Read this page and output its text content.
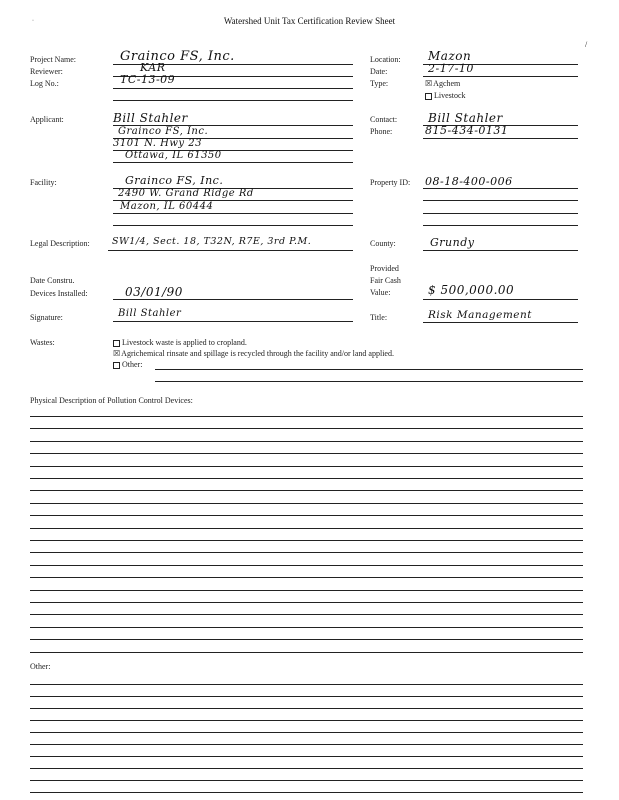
Watershed Unit Tax Certification Review Sheet
Project Name:
Reviewer:
Log No.:
Applicant:
Facility:
Legal Description:
Date Constru.
Devices Installed:
Signature:
Wastes:
Grainco FS, Inc.
KAR
TC-13-09
Bill Stahler
Grainco FS, Inc.
3101 N. Hwy 23
Ottawa, IL 61350
Grainco FS, Inc.
2490 W. Grand Ridge Rd
Mazon, IL 60444
SW1/4, Sect. 18, T32N, R7E, 3rd P.M.
03/01/90
Bill Stahler
Location:
Date:
Type:
Contact:
Phone:
Property ID:
County:
Provided
Fair Cash
Value:
Title:
Mazon
2-17-10
☒Agchem
Livestock
Bill Stahler
815-434-0131
08-18-400-006
Grundy
$ 500,000.00
Risk Management
Livestock waste is applied to cropland.
☒Agrichemical rinsate and spillage is recycled through the facility and/or land applied.
Other:
Physical Description of Pollution Control Devices:
Other:
·
/
